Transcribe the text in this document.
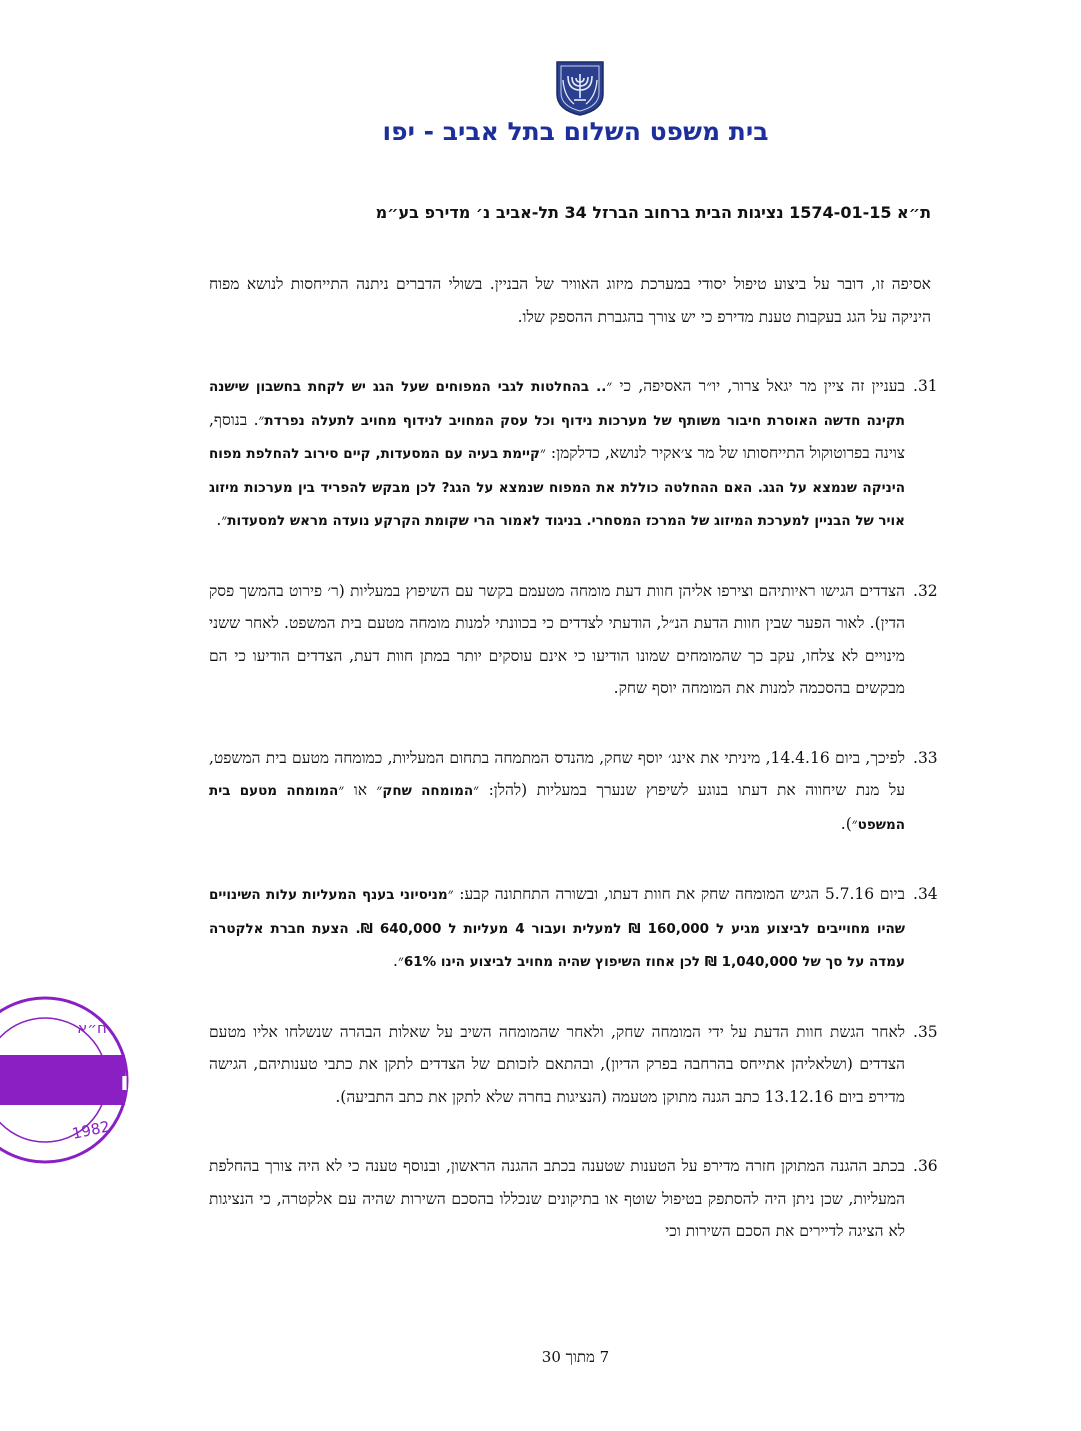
בית משפט השלום בתל אביב - יפו
ת״א 1574-01-15 נציגות הבית ברחוב הברזל 34 תל-אביב נ׳ מדירפ בע״מ

אסיפה זו, דובר על ביצוע טיפול יסודי במערכת מיזוג האוויר של הבניין. בשולי הדברים ניתנה התייחסות לנושא מפוח היניקה על הגג בעקבות טענת מדירפ כי יש צורך בהגברת ההספק שלו.

31.
בעניין זה ציין מר יגאל צרור, יו״ר האסיפה, כי ״.. בהחלטות לגבי המפוחים שעל הגג יש לקחת בחשבון שישנה תקינה חדשה האוסרת חיבור משותף של מערכות נידוף וכל עסק המחויב לנידוף מחויב לתעלה נפרדת״. בנוסף, צוינה בפרוטוקול התייחסותו של מר צ׳אקיר לנושא, כדלקמן: ״קיימת בעיה עם המסעדות, קיים סירוב להחלפת מפוח היניקה שנמצא על הגג. האם ההחלטה כוללת את המפוח שנמצא על הגג? לכן מבקש להפריד בין מערכות מיזוג אויר של הבניין למערכת המיזוג של המרכז המסחרי. בניגוד לאמור הרי שקומת הקרקע נועדה מראש למסעדות״.

32.
הצדדים הגישו ראיותיהם וצירפו אליהן חוות דעת מומחה מטעמם בקשר עם השיפוץ במעליות (ר׳ פירוט בהמשך פסק הדין). לאור הפער שבין חוות הדעת הנ״ל, הודעתי לצדדים כי בכוונתי למנות מומחה מטעם בית המשפט. לאחר ששני מינויים לא צלחו, עקב כך שהמומחים שמונו הודיעו כי אינם עוסקים יותר במתן חוות דעת, הצדדים הודיעו כי הם מבקשים בהסכמה למנות את המומחה יוסף שחק.

33.
לפיכך, ביום 14.4.16, מיניתי את אינג׳ יוסף שחק, מהנדס המתמחה בתחום המעליות, כמומחה מטעם בית המשפט, על מנת שיחווה את דעתו בנוגע לשיפוץ שנערך במעליות (להלן: ״המומחה שחק״ או ״המומחה מטעם בית המשפט״).

34.
ביום 5.7.16 הגיש המומחה שחק את חוות דעתו, ובשורה התחתונה קבע: ״מניסיוני בענף המעליות עלות השינויים שהיו מחוייבים לביצוע מגיע ל 160,000 ₪ למעלית ועבור 4 מעליות ל 640,000 ₪. הצעת חברת אלקטרה עמדה על סך של 1,040,000 ₪ לכן אחוז השיפוץ שהיה מחויב לביצוע הינו 61%״.

35.
לאחר הגשת חוות הדעת על ידי המומחה שחק, ולאחר שהמומחה השיב על שאלות הבהרה שנשלחו אליו מטעם הצדדים (ושלאליהן אתייחס בהרחבה בפרק הדיון), ובהתאם לזכותם של הצדדים לתקן את כתבי טענותיהם, הגישה מדירפ ביום 13.12.16 כתב הגנה מתוקן מטעמה (הנציגות בחרה שלא לתקן את כתב התביעה).

36.
בכתב ההגנה המתוקן חזרה מדירפ על הטענות שטענה בכתב ההגנה הראשון, ובנוסף טענה כי לא היה צורך בהחלפת המעליות, שכן ניתן היה להסתפק בטיפול שוטף או בתיקונים שנכללו בהסכם השירות שהיה עם אלקטרה, כי הנציגות לא הציגה לדיירים את הסכם השירות וכי

למקו
ח״א
1982
7 מתוך 30
